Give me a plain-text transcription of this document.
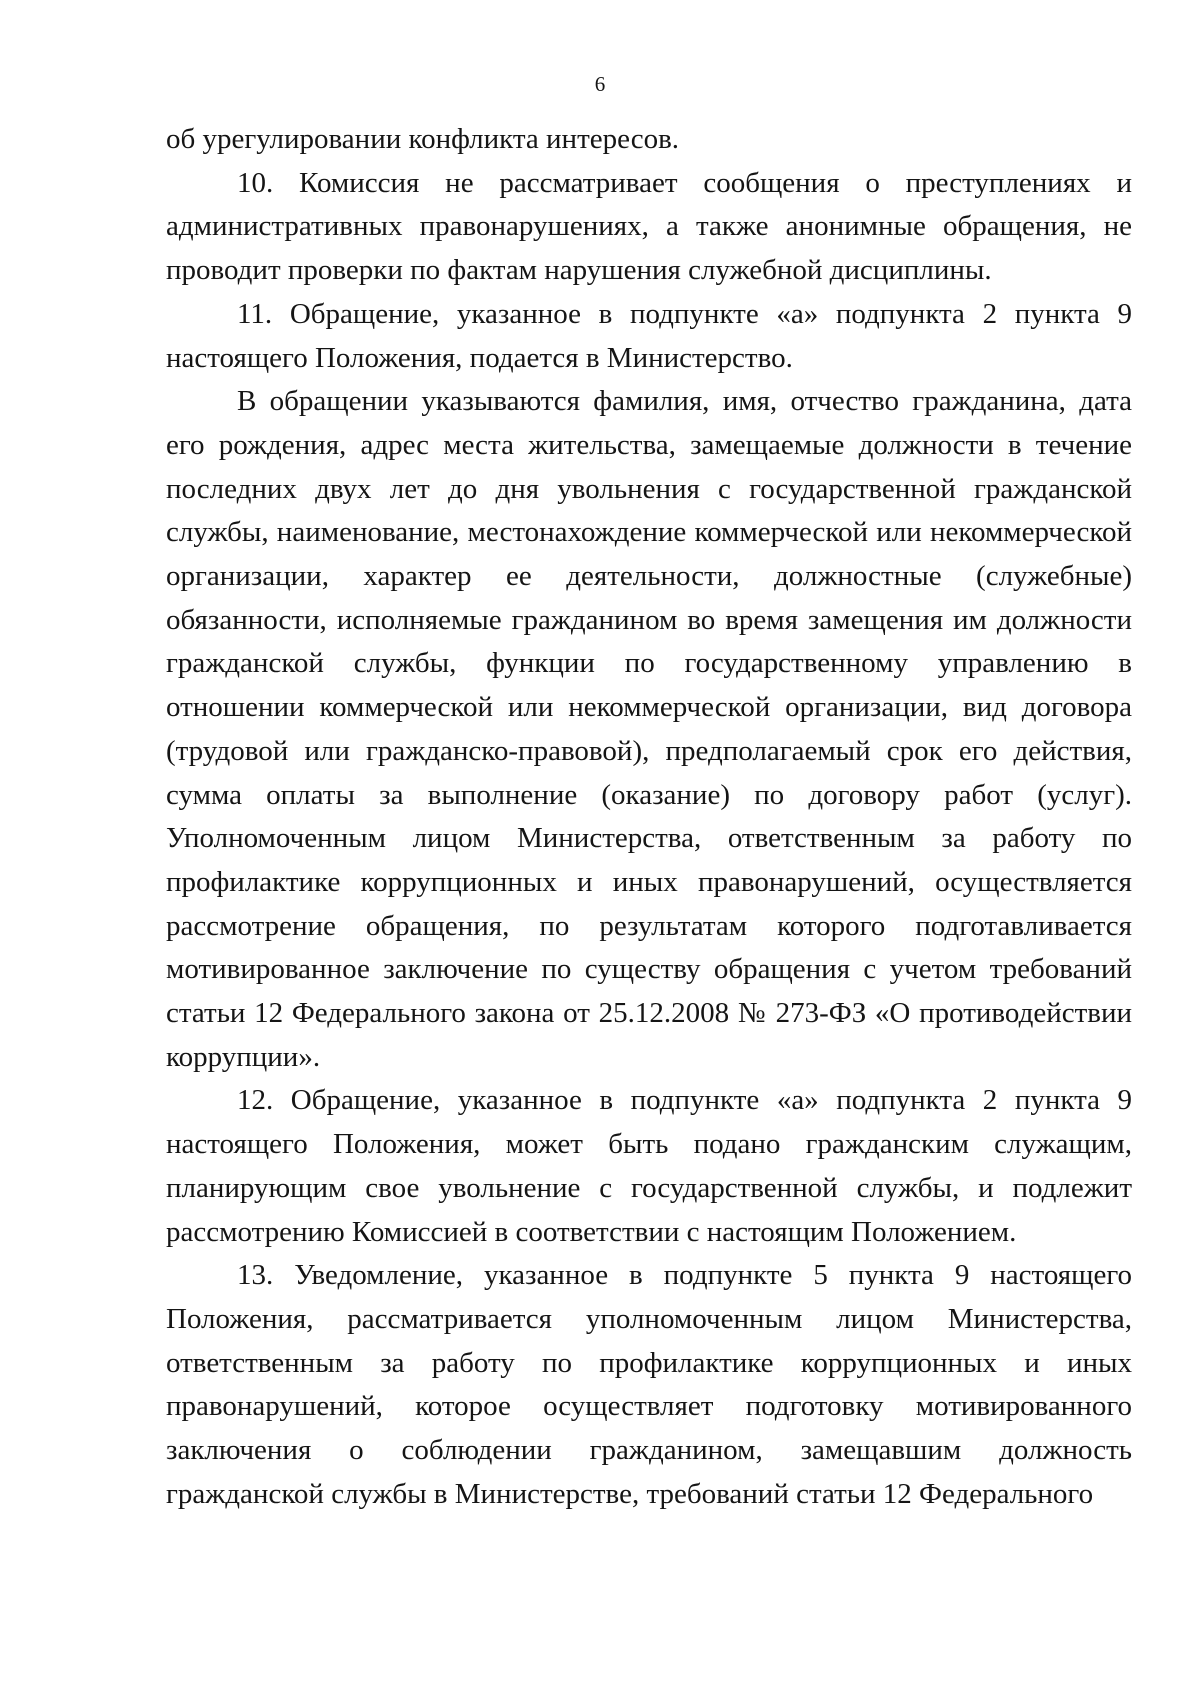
6

об урегулировании конфликта интересов.

10. Комиссия не рассматривает сообщения о преступлениях и административных правонарушениях, а также анонимные обращения, не проводит проверки по фактам нарушения служебной дисциплины.

11. Обращение, указанное в подпункте «а» подпункта 2 пункта 9 настоящего Положения, подается в Министерство.

В обращении указываются фамилия, имя, отчество гражданина, дата его рождения, адрес места жительства, замещаемые должности в течение последних двух лет до дня увольнения с государственной гражданской службы, наименование, местонахождение коммерческой или некоммерческой организации, характер ее деятельности, должностные (служебные) обязанности, исполняемые гражданином во время замещения им должности гражданской службы, функции по государственному управлению в отношении коммерческой или некоммерческой организации, вид договора (трудовой или гражданско-правовой), предполагаемый срок его действия, сумма оплаты за выполнение (оказание) по договору работ (услуг). Уполномоченным лицом Министерства, ответственным за работу по профилактике коррупционных и иных правонарушений, осуществляется рассмотрение обращения, по результатам которого подготавливается мотивированное заключение по существу обращения с учетом требований статьи 12 Федерального закона от 25.12.2008 № 273-ФЗ «О противодействии коррупции».

12. Обращение, указанное в подпункте «а» подпункта 2 пункта 9 настоящего Положения, может быть подано гражданским служащим, планирующим свое увольнение с государственной службы, и подлежит рассмотрению Комиссией в соответствии с настоящим Положением.

13. Уведомление, указанное в подпункте 5 пункта 9 настоящего Положения, рассматривается уполномоченным лицом Министерства, ответственным за работу по профилактике коррупционных и иных правонарушений, которое осуществляет подготовку мотивированного заключения о соблюдении гражданином, замещавшим должность гражданской службы в Министерстве, требований статьи 12 Федерального
